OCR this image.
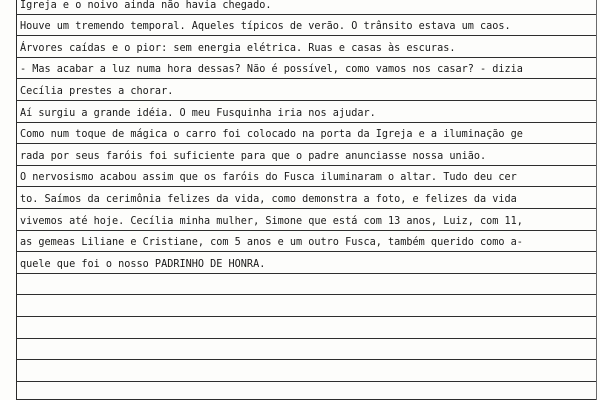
Igreja e o noivo ainda não havia chegado.
Houve um tremendo temporal. Aqueles típicos de verão. O trânsito estava um caos.
Árvores caídas e o pior: sem energia elétrica. Ruas e casas às escuras.
- Mas acabar a luz numa hora dessas? Não é possível, como vamos nos casar? - dizia
Cecília prestes a chorar.
Aí surgiu a grande idéia. O meu Fusquinha iria nos ajudar.
Como num toque de mágica o carro foi colocado na porta da Igreja e a iluminação ge
rada por seus faróis foi suficiente para que o padre anunciasse nossa união.
O nervosismo acabou assim que os faróis do Fusca iluminaram o altar. Tudo deu cer
to. Saímos da cerimônia felizes da vida, como demonstra a foto, e felizes da vida
vivemos até hoje. Cecília minha mulher, Simone que está com 13 anos, Luiz, com 11,
as gemeas Liliane e Cristiane, com 5 anos e um outro Fusca, também querido como a-
quele que foi o nosso PADRINHO DE HONRA.
